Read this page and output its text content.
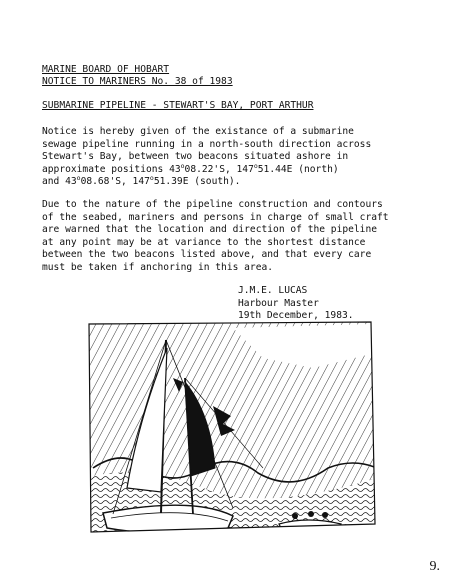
MARINE BOARD OF HOBART
NOTICE TO MARINERS No. 38 of 1983
SUBMARINE PIPELINE - STEWART'S BAY, PORT ARTHUR
Notice is hereby given of the existance of a submarine
sewage pipeline running in a north-south direction across
Stewart's Bay, between two beacons situated ashore in
approximate positions 43$^o$08.22'S, 147$^o$51.44E (north)
and 43$^o$08.68'S, 147$^o$51.39E (south).
Due to the nature of the pipeline construction and contours
of the seabed, mariners and persons in charge of small craft
are warned that the location and direction of the pipeline
at any point may be at variance to the shortest distance
between the two beacons listed above, and that every care
must be taken if anchoring in this area.
J.M.E. LUCAS
Harbour Master
19th December, 1983.
9.
